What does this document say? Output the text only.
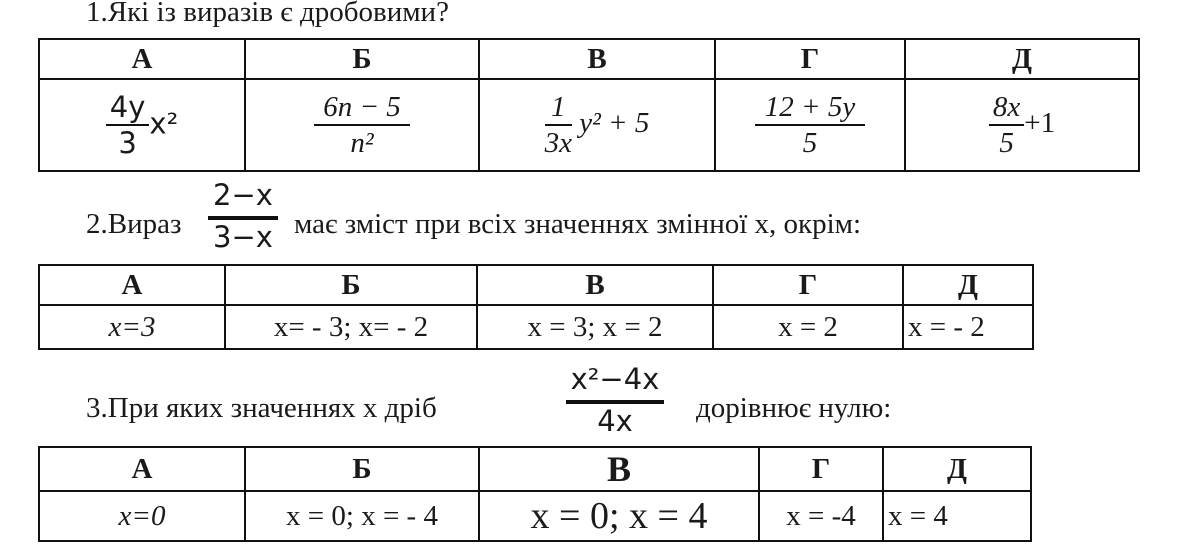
1.Які із виразів є дробовими?
А	Б	В	Г	Д

$\frac{4у}{3} х^2$	$\frac{6n - 5}{\text{n²}}$	$\frac{1}{3x} y^2 + 5$	$\frac{12 + 5y}{5}$	$\frac{8x}{5} +1$
2.Вираз $\frac{2-x}{3-x}$ має зміст при всіх значеннях змінної х, окрім:
А	Б	В	Г	Д
x=3	x= - 3; x= - 2	x = 3; x = 2	x = 2	x = - 2
3.При яких значеннях х дріб	$\frac{\text{x²−4x}}{4x}$ дорівнює нулю:
А	Б	В	Г	Д
x=0	x = 0; x = - 4	x = 0; x = 4	x = -4	x = 4
